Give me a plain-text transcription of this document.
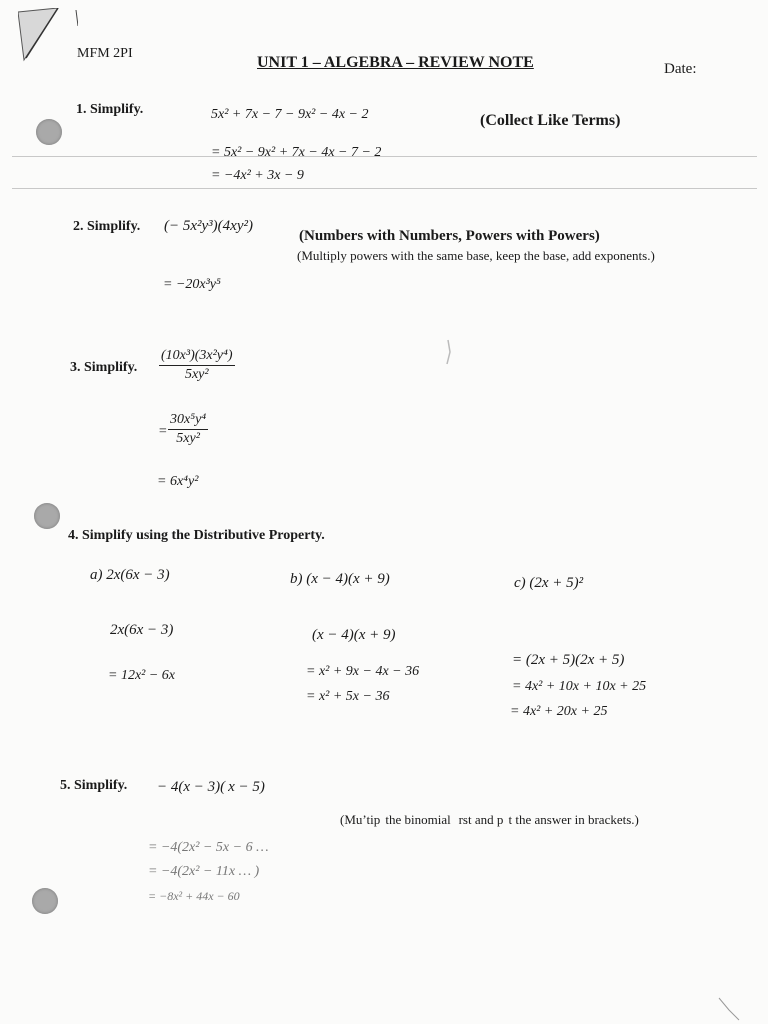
MFM 2PI
UNIT 1 – ALGEBRA – REVIEW NOTE	Date:
1. Simplify.	5x² + 7x − 7 − 9x² − 4x − 2	(Collect Like Terms)
= 5x² − 9x² + 7x − 4x − 7 − 2
= −4x² + 3x − 9
2. Simplify. (− 5x²y³)(4xy²)
(Numbers with Numbers, Powers with Powers)
(Multiply powers with the same base, keep the base, add exponents.)
= −20x³y⁵
3. Simplify. $\frac{\text{(10x³)(3x²y⁴)}}{\text{5xy²}}$
= $\frac{\text{30x⁵y⁴}}{\text{5xy²}}$
= 6x⁴y²
4. Simplify using the Distributive Property.
a) 2x(6x − 3)
2x(6x − 3)
= 12x² − 6x
b) (x − 4)(x + 9)
(x − 4)(x + 9)
= x² + 9x − 4x − 36
= x² + 5x − 36
c) (2x + 5)²
= (2x + 5)(2x + 5)
= 4x² + 10x + 10x + 25
= 4x² + 20x + 25
5. Simplify. − 4(x − 3)( x − 5)
(Mu’tip  the binomial   rst and p  t the answer in brackets.)
= −4(2x² − 5x − 6 …
= −4(2x² − 11x … )
= −8x² + 44x − 60
